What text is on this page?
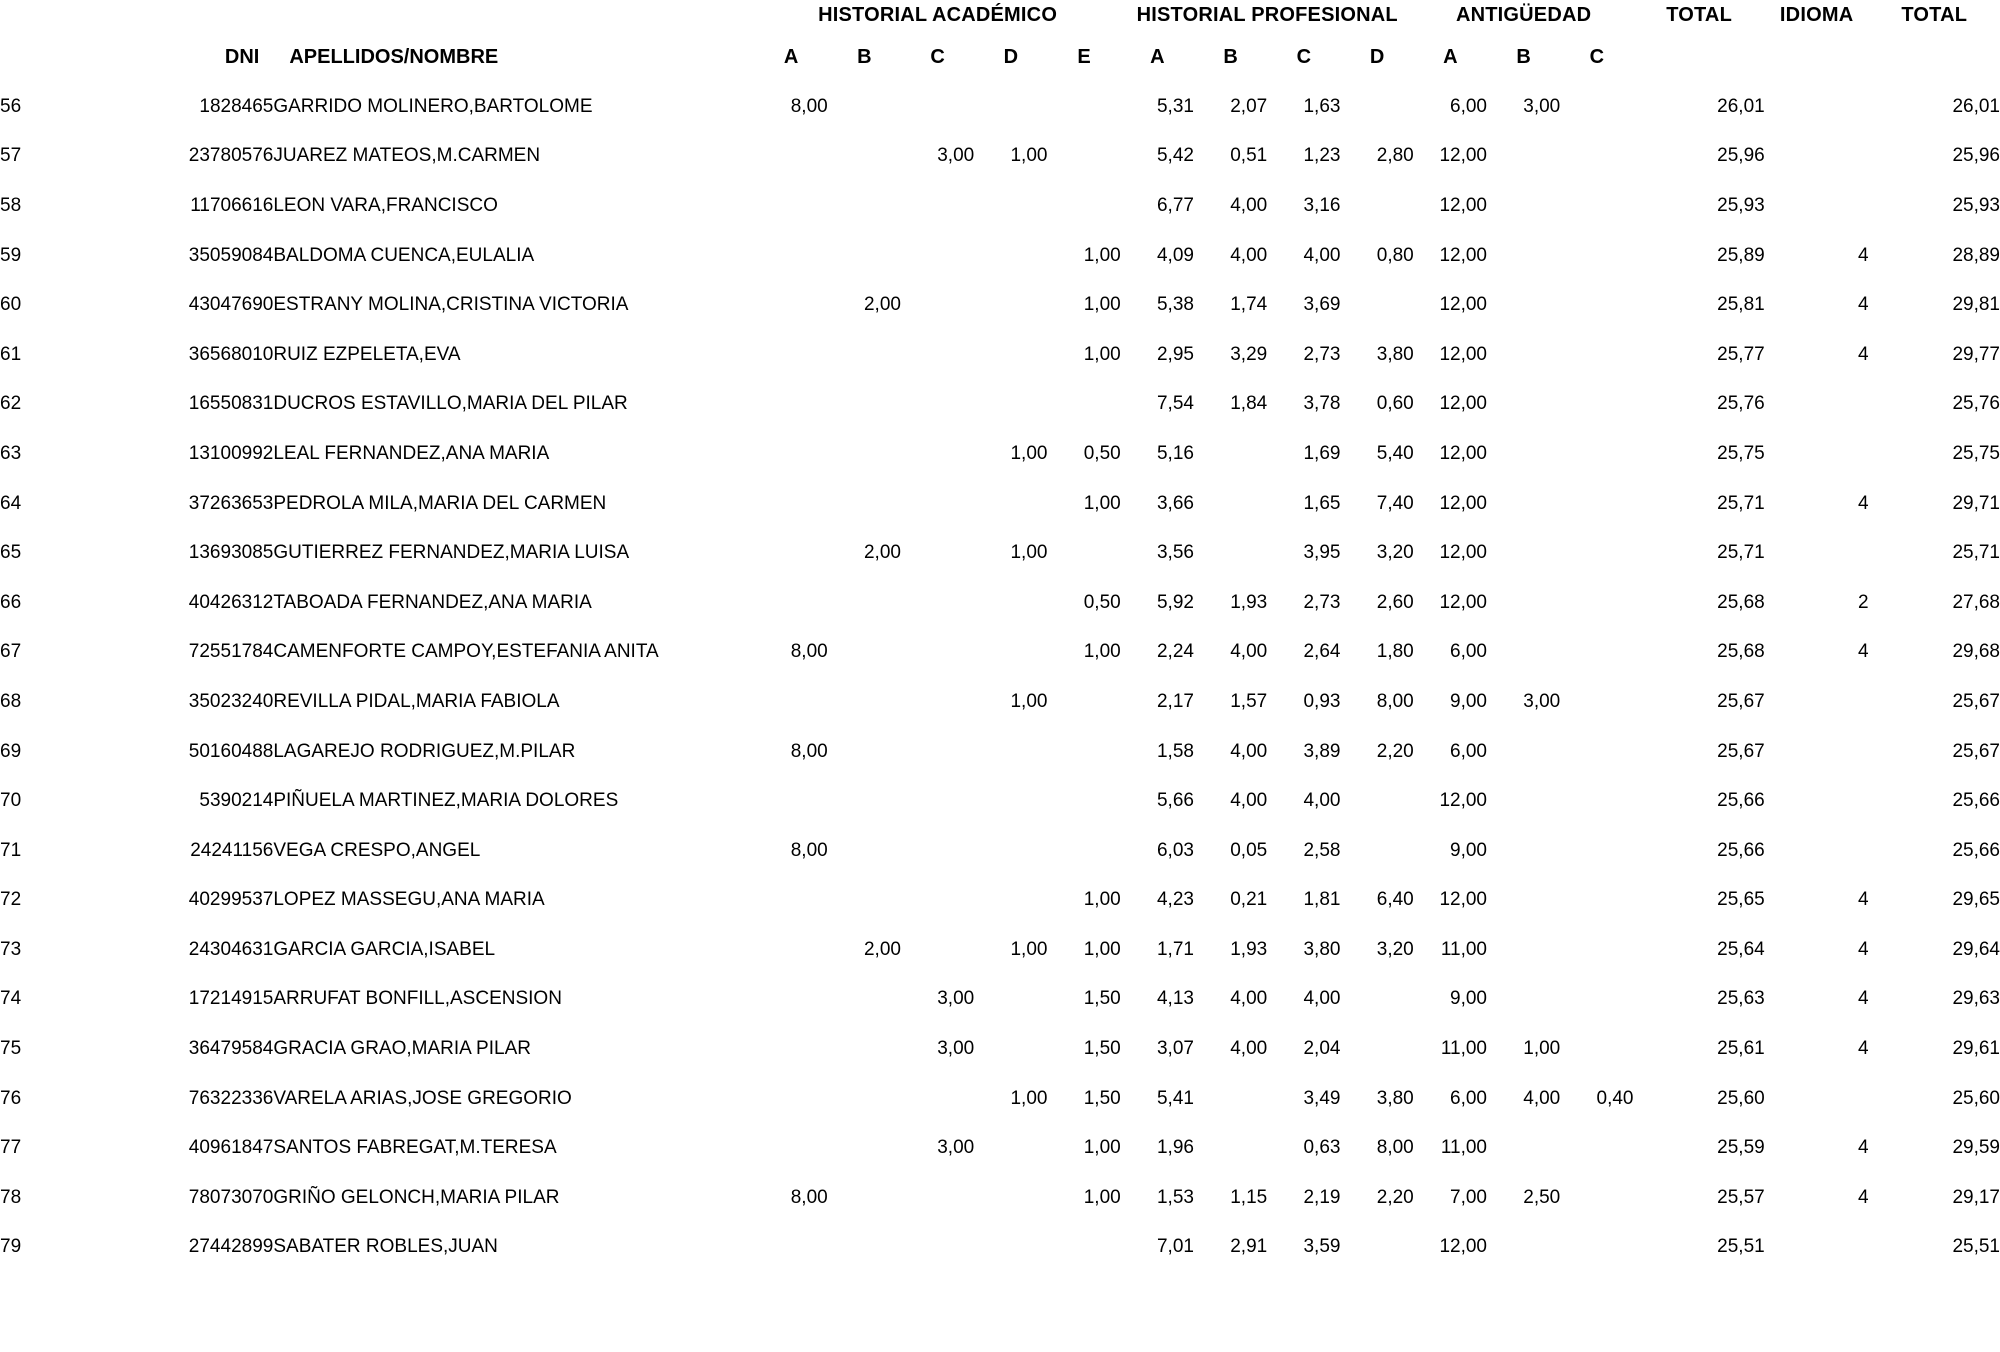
				HISTORIAL ACADÉMICO					HISTORIAL PROFESIONAL				ANTIGÜEDAD			TOTAL	IDIOMA	TOTAL
		DNI	APELLIDOS/NOMBRE	A	B	C	D	E	A	B	C	D	A	B	C			
56		1828465	GARRIDO MOLINERO,BARTOLOME	8,00					5,31	2,07	1,63		6,00	3,00		26,01		26,01
57		23780576	JUAREZ MATEOS,M.CARMEN			3,00	1,00		5,42	0,51	1,23	2,80	12,00			25,96		25,96
58		11706616	LEON VARA,FRANCISCO						6,77	4,00	3,16		12,00			25,93		25,93
59		35059084	BALDOMA CUENCA,EULALIA					1,00	4,09	4,00	4,00	0,80	12,00			25,89	4	28,89
60		43047690	ESTRANY MOLINA,CRISTINA VICTORIA		2,00			1,00	5,38	1,74	3,69		12,00			25,81	4	29,81
61		36568010	RUIZ EZPELETA,EVA					1,00	2,95	3,29	2,73	3,80	12,00			25,77	4	29,77
62		16550831	DUCROS ESTAVILLO,MARIA DEL PILAR						7,54	1,84	3,78	0,60	12,00			25,76		25,76
63		13100992	LEAL FERNANDEZ,ANA MARIA				1,00	0,50	5,16		1,69	5,40	12,00			25,75		25,75
64		37263653	PEDROLA MILA,MARIA DEL CARMEN					1,00	3,66		1,65	7,40	12,00			25,71	4	29,71
65		13693085	GUTIERREZ FERNANDEZ,MARIA LUISA		2,00		1,00		3,56		3,95	3,20	12,00			25,71		25,71
66		40426312	TABOADA FERNANDEZ,ANA MARIA					0,50	5,92	1,93	2,73	2,60	12,00			25,68	2	27,68
67		72551784	CAMENFORTE CAMPOY,ESTEFANIA ANITA	8,00				1,00	2,24	4,00	2,64	1,80	6,00			25,68	4	29,68
68		35023240	REVILLA PIDAL,MARIA FABIOLA				1,00		2,17	1,57	0,93	8,00	9,00	3,00		25,67		25,67
69		50160488	LAGAREJO RODRIGUEZ,M.PILAR	8,00					1,58	4,00	3,89	2,20	6,00			25,67		25,67
70		5390214	PIÑUELA MARTINEZ,MARIA DOLORES						5,66	4,00	4,00		12,00			25,66		25,66
71		24241156	VEGA CRESPO,ANGEL	8,00					6,03	0,05	2,58		9,00			25,66		25,66
72		40299537	LOPEZ MASSEGU,ANA MARIA					1,00	4,23	0,21	1,81	6,40	12,00			25,65	4	29,65
73		24304631	GARCIA GARCIA,ISABEL		2,00		1,00	1,00	1,71	1,93	3,80	3,20	11,00			25,64	4	29,64
74		17214915	ARRUFAT BONFILL,ASCENSION			3,00		1,50	4,13	4,00	4,00		9,00			25,63	4	29,63
75		36479584	GRACIA GRAO,MARIA PILAR			3,00		1,50	3,07	4,00	2,04		11,00	1,00		25,61	4	29,61
76		76322336	VARELA ARIAS,JOSE GREGORIO				1,00	1,50	5,41		3,49	3,80	6,00	4,00	0,40	25,60		25,60
77		40961847	SANTOS FABREGAT,M.TERESA			3,00		1,00	1,96		0,63	8,00	11,00			25,59	4	29,59
78		78073070	GRIÑO GELONCH,MARIA PILAR	8,00				1,00	1,53	1,15	2,19	2,20	7,00	2,50		25,57	4	29,17
79		27442899	SABATER ROBLES,JUAN						7,01	2,91	3,59		12,00			25,51		25,51
